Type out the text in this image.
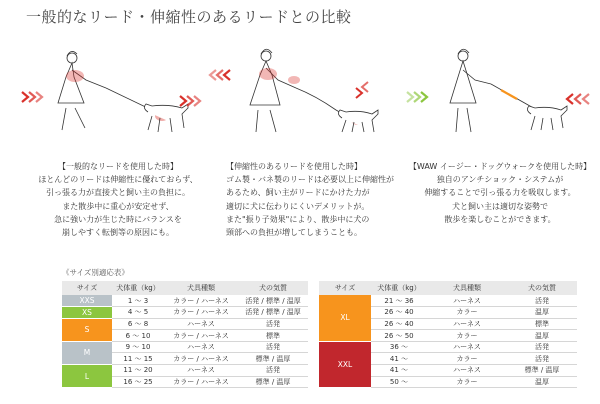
一般的なリード・伸縮性のあるリードとの比較
【一般的なリードを使用した時】
ほとんどのリードは伸縮性に優れておらず、
引っ張る力が直接犬と飼い主の負担に。
また散歩中に重心が安定せず、
急に強い力が生じた時にバランスを
崩しやすく転倒等の原因にも。
【伸縮性のあるリードを使用した時】
ゴム製・バネ製のリードは必要以上に伸縮性が
あるため、飼い主がリードにかけた力が
適切に犬に伝わりにくいデメリットが。
また"振り子効果"により、散歩中に犬の
頸部への負担が増してしまうことも。
【WAW イージー・ドッグウォークを使用した時】
独自のアンチショック・システムが
伸縮することで引っ張る力を吸収します。
犬と飼い主は適切な姿勢で
散歩を楽しむことができます。
《サイズ別適応表》
サイズ	犬体重（kg）	犬具種類	犬の気質
XXS	1 ～ 3	カラー / ハーネス	活発 / 標準 / 温厚
XS	4 ～ 5	カラー / ハーネス	活発 / 標準 / 温厚
S	6 ～ 8	ハーネス	活発
	6 ～ 10	カラー / ハーネス	標準
M	9 ～ 10	ハーネス	活発
	11 ～ 15	カラー / ハーネス	標準 / 温厚
L	11 ～ 20	ハーネス	活発
	16 ～ 25	カラー / ハーネス	標準 / 温厚
サイズ	犬体重（kg）	犬具種類	犬の気質
XL	21 ～ 36	ハーネス	活発
	26 ～ 40	カラー	温厚
	26 ～ 40	ハーネス	標準
	26 ～ 50	カラー	温厚
XXL	36 ～	ハーネス	活発
	41 ～	カラー	活発
	41 ～	ハーネス	標準 / 温厚
	50 ～	カラー	温厚
